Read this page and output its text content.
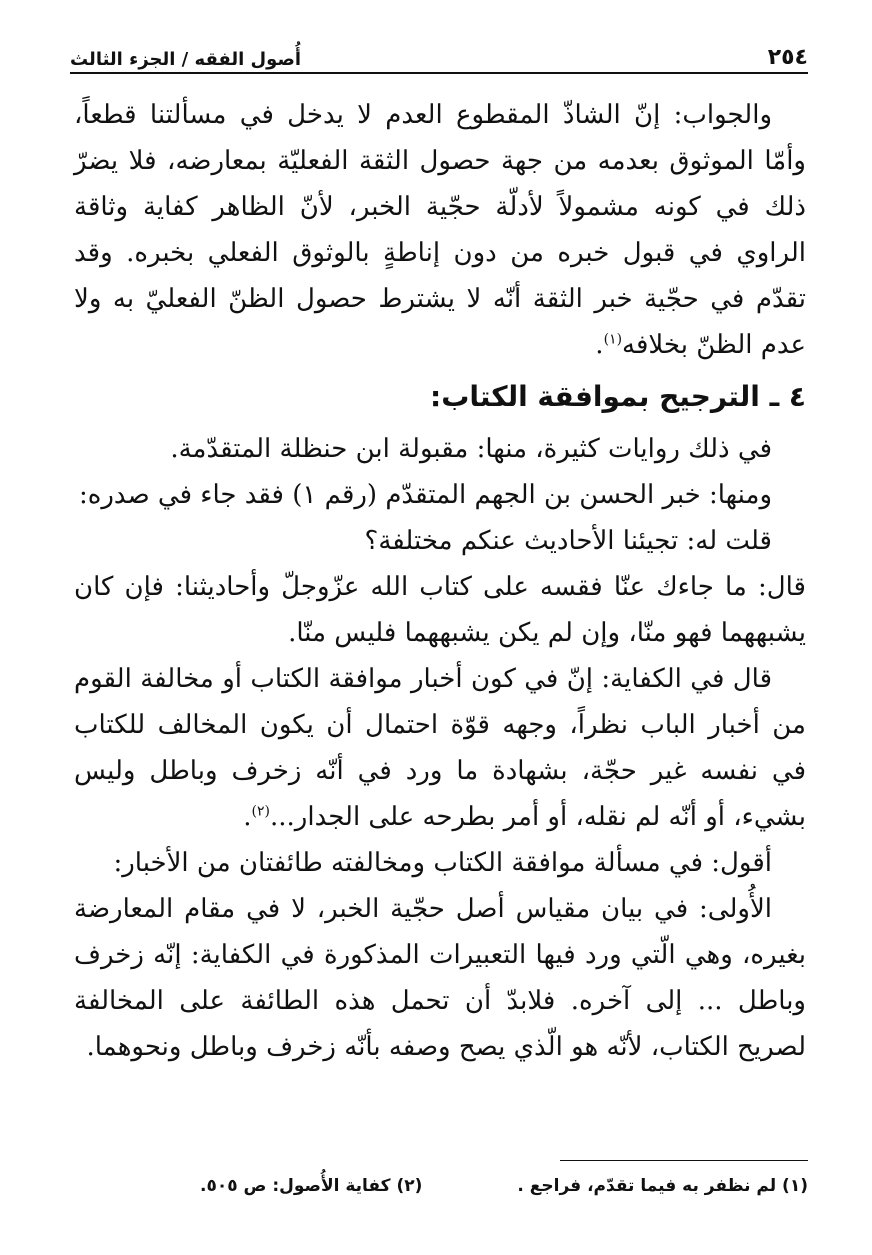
أُصول الفقه / الجزء الثالث	٢٥٤

والجواب: إنّ الشاذّ المقطوع العدم لا يدخل في مسألتنا قطعاً، وأمّا الموثوق بعدمه من جهة حصول الثقة الفعليّة بمعارضه، فلا يضرّ ذلك في كونه مشمولاً لأدلّة حجّية الخبر، لأنّ الظاهر كفاية وثاقة الراوي في قبول خبره من دون إناطةٍ بالوثوق الفعلي بخبره. وقد تقدّم في حجّية خبر الثقة أنّه لا يشترط حصول الظنّ الفعليّ به ولا عدم الظنّ بخلافه$^{(١)}$.

٤ ـ الترجيح بموافقة الكتاب:

في ذلك روايات كثيرة، منها: مقبولة ابن حنظلة المتقدّمة.

ومنها: خبر الحسن بن الجهم المتقدّم (رقم ١) فقد جاء في صدره:

قلت له: تجيئنا الأحاديث عنكم مختلفة؟

قال: ما جاءك عنّا فقسه على كتاب الله عزّوجلّ وأحاديثنا: فإن كان يشبههما فهو منّا، وإن لم يكن يشبههما فليس منّا.

قال في الكفاية: إنّ في كون أخبار موافقة الكتاب أو مخالفة القوم من أخبار الباب نظراً، وجهه قوّة احتمال أن يكون المخالف للكتاب في نفسه غير حجّة، بشهادة ما ورد في أنّه زخرف وباطل وليس بشيء، أو أنّه لم نقله، أو أمر بطرحه على الجدار...$^{(٢)}$.

أقول: في مسألة موافقة الكتاب ومخالفته طائفتان من الأخبار:

الأُولى: في بيان مقياس أصل حجّية الخبر، لا في مقام المعارضة بغيره، وهي الّتي ورد فيها التعبيرات المذكورة في الكفاية: إنّه زخرف وباطل ... إلى آخره. فلابدّ أن تحمل هذه الطائفة على المخالفة لصريح الكتاب، لأنّه هو الّذي يصح وصفه بأنّه زخرف وباطل ونحوهما.

(١) لم نظفر به فيما تقدّم، فراجع .
(٢) كفاية الأُصول: ص ٥٠٥.
